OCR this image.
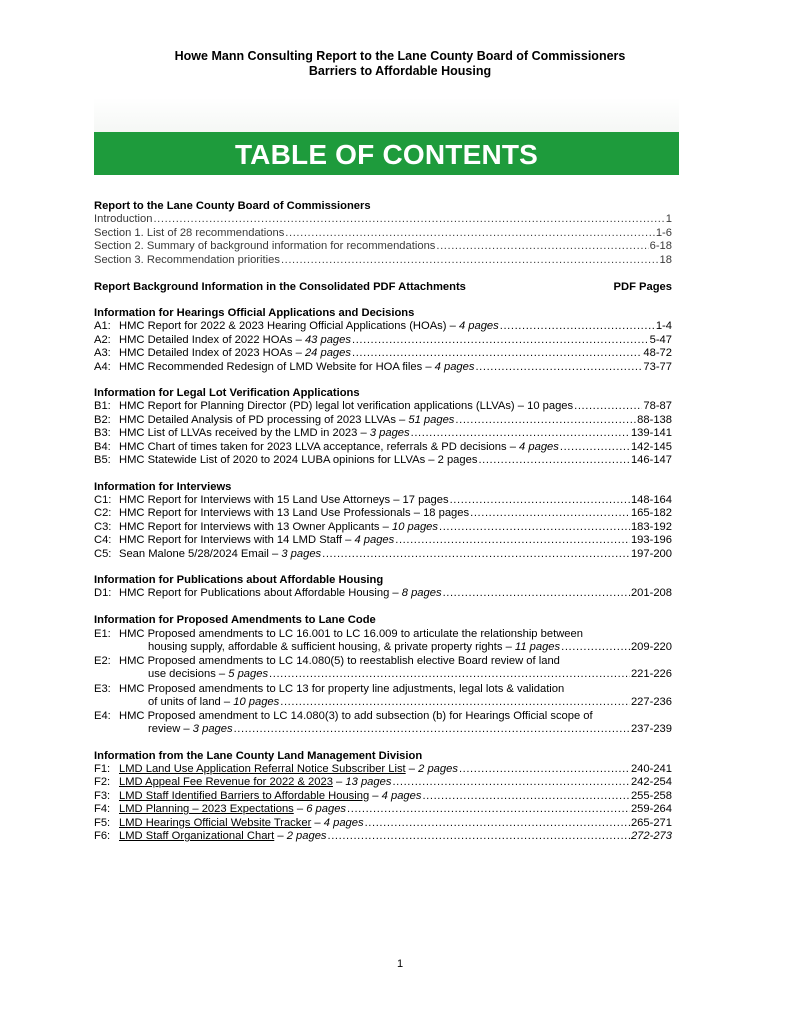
Howe Mann Consulting Report to the Lane County Board of Commissioners
Barriers to Affordable Housing
TABLE OF CONTENTS
Report to the Lane County Board of Commissioners
Introduction .....	1
Section 1. List of 28 recommendations .....	1-6
Section 2. Summary of background information for recommendations .....	6-18
Section 3. Recommendation priorities .....	18
Report Background Information in the Consolidated PDF Attachments	PDF Pages
Information for Hearings Official Applications and Decisions
A1: HMC Report for 2022 & 2023 Hearing Official Applications (HOAs) – 4 pages .....	1-4
A2: HMC Detailed Index of 2022 HOAs – 43 pages .....	5-47
A3: HMC Detailed Index of 2023 HOAs – 24 pages .....	48-72
A4: HMC Recommended Redesign of LMD Website for HOA files – 4 pages .....	73-77
Information for Legal Lot Verification Applications
B1: HMC Report for Planning Director (PD) legal lot verification applications (LLVAs) – 10 pages .....	78-87
B2: HMC Detailed Analysis of PD processing of 2023 LLVAs – 51 pages .....	88-138
B3: HMC List of LLVAs received by the LMD in 2023 – 3 pages .....	139-141
B4: HMC Chart of times taken for 2023 LLVA acceptance, referrals & PD decisions – 4 pages .....	142-145
B5: HMC Statewide List of 2020 to 2024 LUBA opinions for LLVAs – 2 pages .....	146-147
Information for Interviews
C1: HMC Report for Interviews with 15 Land Use Attorneys – 17 pages .....	148-164
C2: HMC Report for Interviews with 13 Land Use Professionals – 18 pages .....	165-182
C3: HMC Report for Interviews with 13 Owner Applicants – 10 pages .....	183-192
C4: HMC Report for Interviews with 14 LMD Staff – 4 pages .....	193-196
C5: Sean Malone 5/28/2024 Email – 3 pages .....	197-200
Information for Publications about Affordable Housing
D1: HMC Report for Publications about Affordable Housing – 8 pages .....	201-208
Information for Proposed Amendments to Lane Code
E1: HMC Proposed amendments to LC 16.001 to LC 16.009 to articulate the relationship between
housing supply, affordable & sufficient housing, & private property rights – 11 pages .....	209-220
E2: HMC Proposed amendments to LC 14.080(5) to reestablish elective Board review of land
use decisions – 5 pages .....	221-226
E3: HMC Proposed amendments to LC 13 for property line adjustments, legal lots & validation
of units of land – 10 pages .....	227-236
E4: HMC Proposed amendment to LC 14.080(3) to add subsection (b) for Hearings Official scope of
review – 3 pages .....	237-239
Information from the Lane County Land Management Division
F1: LMD Land Use Application Referral Notice Subscriber List – 2 pages .....	240-241
F2: LMD Appeal Fee Revenue for 2022 & 2023 – 13 pages .....	242-254
F3: LMD Staff Identified Barriers to Affordable Housing – 4 pages .....	255-258
F4: LMD Planning – 2023 Expectations – 6 pages .....	259-264
F5: LMD Hearings Official Website Tracker – 4 pages .....	265-271
F6: LMD Staff Organizational Chart – 2 pages .....	272-273
1
